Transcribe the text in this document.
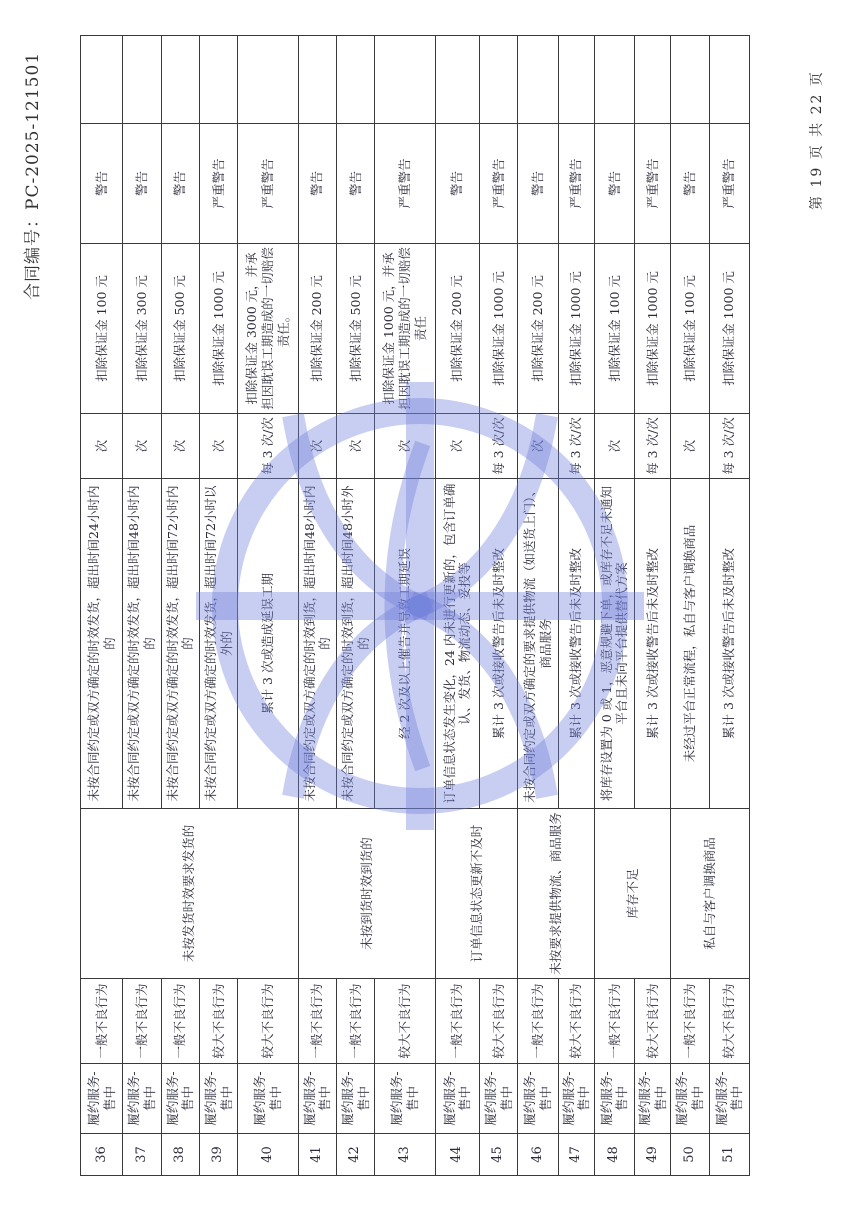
合同编号：PC-2025-121501
36	履约服务-售中	一般不良行为	未按发货时效要求发货的	未按合同约定或双方确定的时效发货，超出时间24小时内的	次	扣除保证金 100 元	警告	
37	履约服务-售中	一般不良行为		未按合同约定或双方确定的时效发货，超出时间48小时内的	次	扣除保证金 300 元	警告	
38	履约服务-售中	一般不良行为		未按合同约定或双方确定的时效发货，超出时间72小时内的	次	扣除保证金 500 元	警告	
39	履约服务-售中	较大不良行为		未按合同约定或双方确定的时效发货，超出时间72小时以外的	次	扣除保证金 1000 元	严重警告	
40	履约服务-售中	较大不良行为		累计 3 次或造成延误工期	每 3 次/次	扣除保证金 3000 元，并承担因耽误工期造成的一切赔偿责任。	严重警告	
41	履约服务-售中	一般不良行为	未按到货时效到货的	未按合同约定或双方确定的时效到货，超出时间48小时内的	次	扣除保证金 200 元	警告	
42	履约服务-售中	一般不良行为		未按合同约定或双方确定的时效到货，超出时间48小时外的	次	扣除保证金 500 元	警告	
43	履约服务-售中	较大不良行为		经 2 次及以上催告并导致工期延误	次	扣除保证金 1000 元，并承担因耽误工期造成的一切赔偿责任	严重警告	
44	履约服务-售中	一般不良行为	订单信息状态更新不及时	订单信息状态发生变化，24 内未进行更新的，包含订单确认、发货、物流动态、妥投等	次	扣除保证金 200 元	警告	
45	履约服务-售中	较大不良行为		累计 3 次或接收警告后未及时整改	每 3 次/次	扣除保证金 1000 元	严重警告	
46	履约服务-售中	一般不良行为	未按要求提供物流、商品服务	未按合同约定或双方确定的要求提供物流（如送货上门）、商品服务	次	扣除保证金 200 元	警告	
47	履约服务-售中	较大不良行为		累计 3 次或接收警告后未及时整改	每 3 次/次	扣除保证金 1000 元	严重警告	
48	履约服务-售中	一般不良行为	库存不足	将库存设置为 0 或 1，恶意规避下单，或库存不足未通知平台且未向平台提供替代方案	次	扣除保证金 100 元	警告	
49	履约服务-售中	较大不良行为		累计 3 次或接收警告后未及时整改	每 3 次/次	扣除保证金 1000 元	严重警告	
50	履约服务-售中	一般不良行为	私自与客户调换商品	未经过平台正常流程，私自与客户调换商品	次	扣除保证金 100 元	警告	
51	履约服务-售中	较大不良行为		累计 3 次或接收警告后未及时整改	每 3 次/次	扣除保证金 1000 元	严重警告		第 19 页 共 22 页
